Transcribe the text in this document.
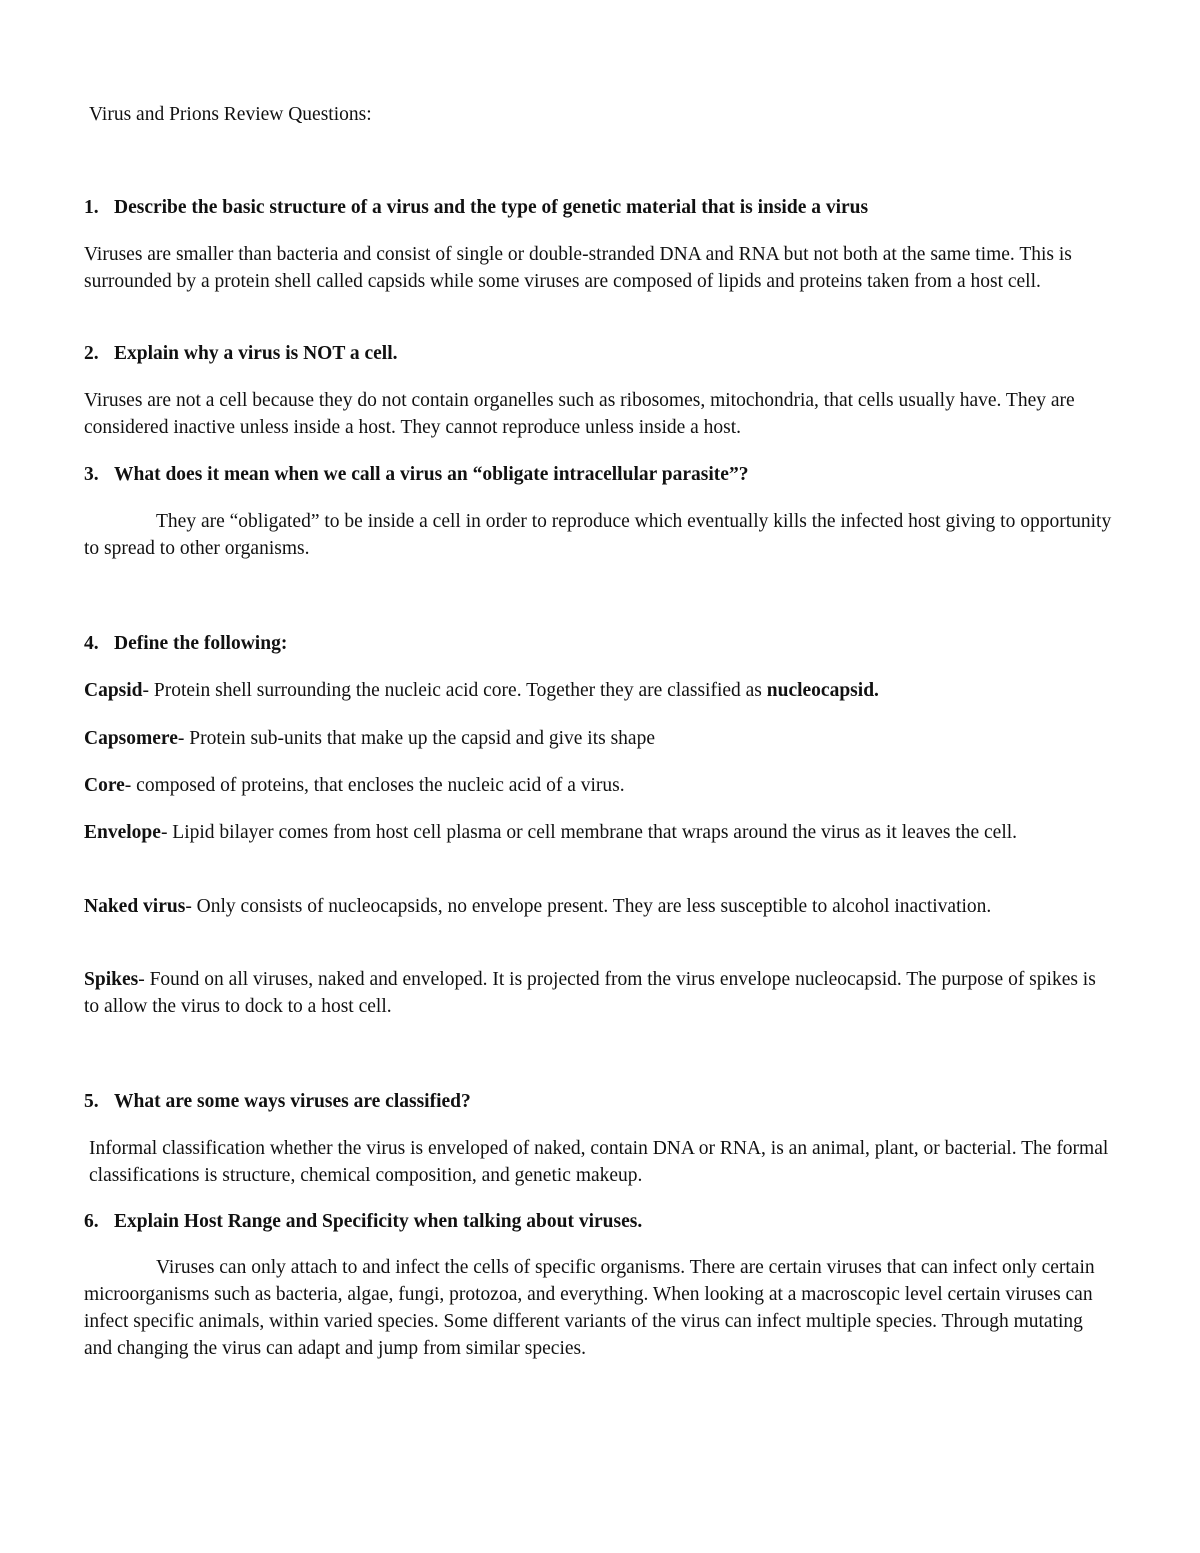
Virus and Prions Review Questions:

1. Describe the basic structure of a virus and the type of genetic material that is inside a virus

Viruses are smaller than bacteria and consist of single or double-stranded DNA and RNA but not both at the same time. This is surrounded by a protein shell called capsids while some viruses are composed of lipids and proteins taken from a host cell.

2. Explain why a virus is NOT a cell.

Viruses are not a cell because they do not contain organelles such as ribosomes, mitochondria, that cells usually have. They are considered inactive unless inside a host. They cannot reproduce unless inside a host.

3. What does it mean when we call a virus an “obligate intracellular parasite”?

They are “obligated” to be inside a cell in order to reproduce which eventually kills the infected host giving to opportunity to spread to other organisms.

4. Define the following:

Capsid- Protein shell surrounding the nucleic acid core. Together they are classified as nucleocapsid.

Capsomere- Protein sub-units that make up the capsid and give its shape

Core- composed of proteins, that encloses the nucleic acid of a virus.

Envelope- Lipid bilayer comes from host cell plasma or cell membrane that wraps around the virus as it leaves the cell.

Naked virus- Only consists of nucleocapsids, no envelope present. They are less susceptible to alcohol inactivation.

Spikes- Found on all viruses, naked and enveloped. It is projected from the virus envelope nucleocapsid. The purpose of spikes is to allow the virus to dock to a host cell.

5. What are some ways viruses are classified?

Informal classification whether the virus is enveloped of naked, contain DNA or RNA, is an animal, plant, or bacterial. The formal classifications is structure, chemical composition, and genetic makeup.

6. Explain Host Range and Specificity when talking about viruses.

Viruses can only attach to and infect the cells of specific organisms. There are certain viruses that can infect only certain microorganisms such as bacteria, algae, fungi, protozoa, and everything. When looking at a macroscopic level certain viruses can infect specific animals, within varied species. Some different variants of the virus can infect multiple species. Through mutating and changing the virus can adapt and jump from similar species.
